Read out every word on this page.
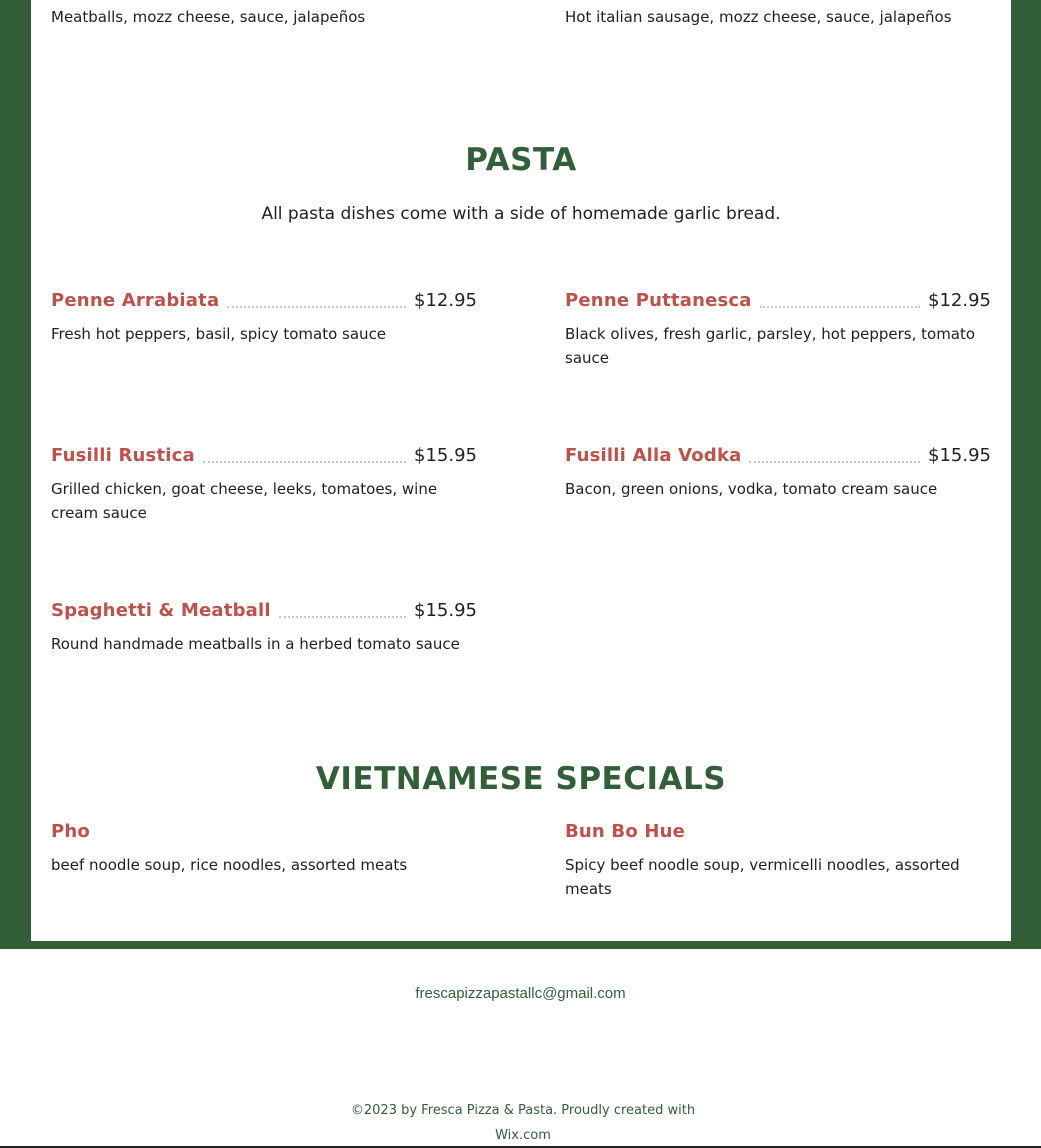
Meatballs, mozz cheese, sauce, jalapeños	Hot italian sausage, mozz cheese, sauce, jalapeños
PASTA
All pasta dishes come with a side of homemade garlic bread.
Penne Arrabiata	$12.95
Fresh hot peppers, basil, spicy tomato sauce
Penne Puttanesca	$12.95
Black olives, fresh garlic, parsley, hot peppers, tomato sauce
Fusilli Rustica	$15.95
Grilled chicken, goat cheese, leeks, tomatoes, wine cream sauce
Fusilli Alla Vodka	$15.95
Bacon, green onions, vodka, tomato cream sauce
Spaghetti & Meatball	$15.95
Round handmade meatballs in a herbed tomato sauce
VIETNAMESE SPECIALS
Pho
beef noodle soup, rice noodles, assorted meats
Bun Bo Hue
Spicy beef noodle soup, vermicelli noodles, assorted meats
frescapizzapastallc@gmail.com
©2023 by Fresca Pizza & Pasta. Proudly created with
Wix.com
